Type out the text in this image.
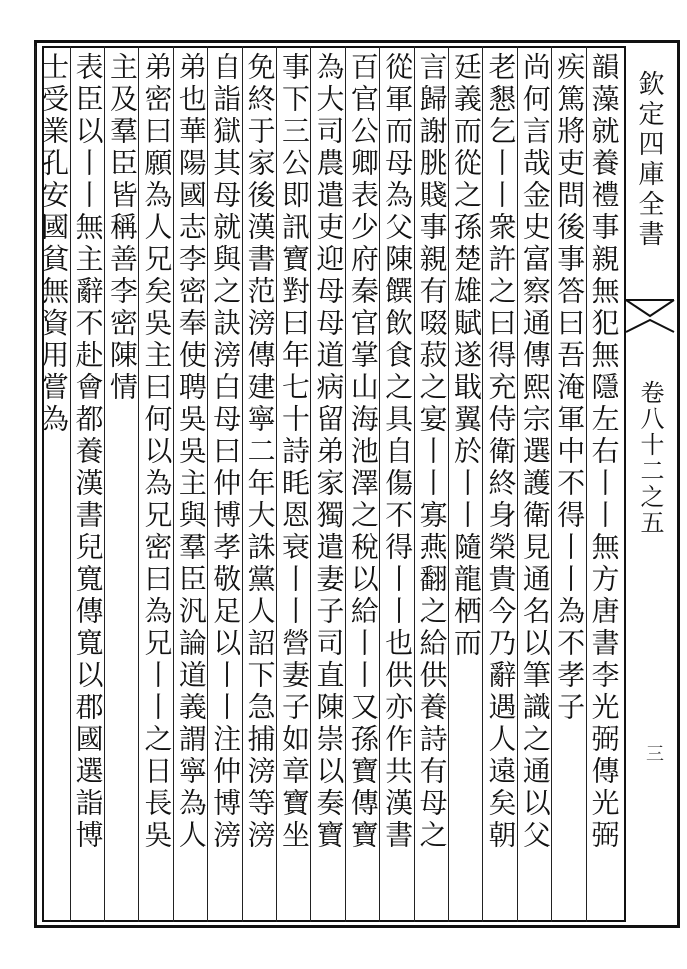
欽定四庫全書
卷八十二之五
三
韻藻就養禮事親無犯無隱左右丨丨無方唐書李光弼傳光弼
疾篤將吏問後事答曰吾淹軍中不得丨丨為不孝子
尚何言哉金史富察通傳熙宗選護衛見通名以筆識之通以父
老懇乞丨丨衆許之曰得充侍衛終身榮貴今乃辭遇人遠矣朝
廷義而從之孫楚雄賦遂戢翼於丨丨隨龍栖而
言歸謝朓賤事親有啜菽之宴丨丨寡燕翻之給供養詩有母之
從軍而母為父陳饌飲食之具自傷不得丨丨也供亦作共漢書
百官公卿表少府秦官掌山海池澤之稅以給丨丨又孫寶傳寶
為大司農遣吏迎母母道病留弟家獨遣妻子司直陳崇以奏寶
事下三公即訊寶對曰年七十詩眊恩衰丨丨營妻子如章寶坐
免終于家後漢書范滂傳建寧二年大誅黨人詔下急捕滂等滂
自詣獄其母就與之訣滂白母曰仲博孝敬足以丨丨注仲博滂
弟也華陽國志李密奉使聘吳吳主與羣臣汎論道義謂寧為人
弟密曰願為人兄矣吳主曰何以為兄密曰為兄丨丨之日長吳
主及羣臣皆稱善李密陳情
表臣以丨丨無主辭不赴會都養漢書兒寬傳寬以郡國選詣博
士受業孔安國貧無資用嘗為
